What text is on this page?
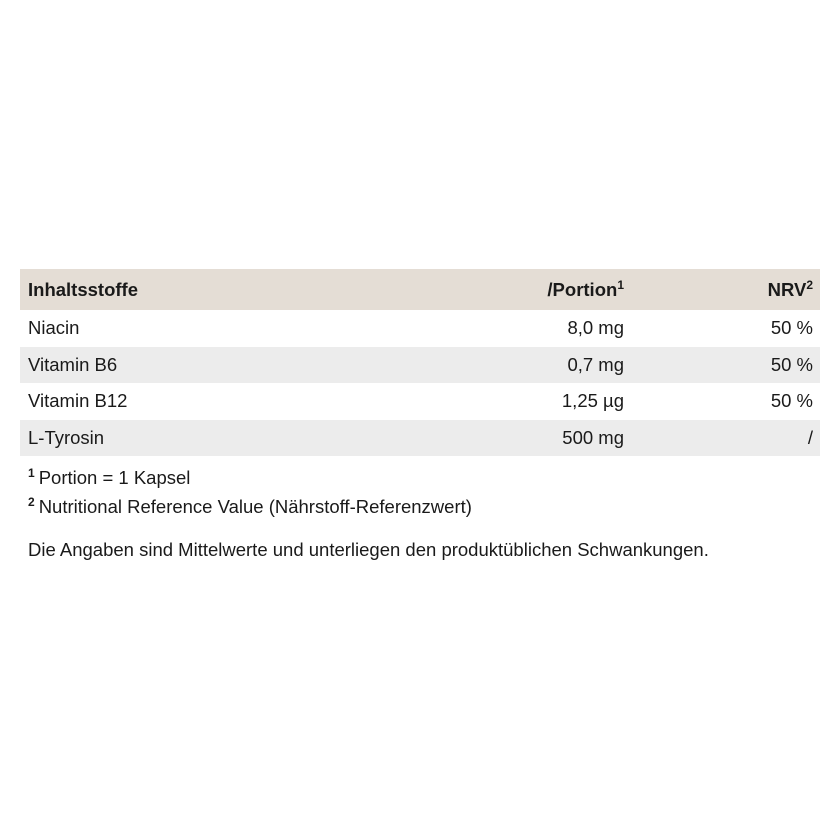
Inhaltsstoffe	/Portion$^1$	NRV$^2$
Niacin	8,0 mg	50 %
Vitamin B6	0,7 mg	50 %
Vitamin B12	1,25 µg	50 %
L-Tyrosin	500 mg	/
$^1$ Portion = 1 Kapsel
$^2$ Nutritional Reference Value (Nährstoff-Referenzwert)
Die Angaben sind Mittelwerte und unterliegen den produktüblichen Schwankungen.
